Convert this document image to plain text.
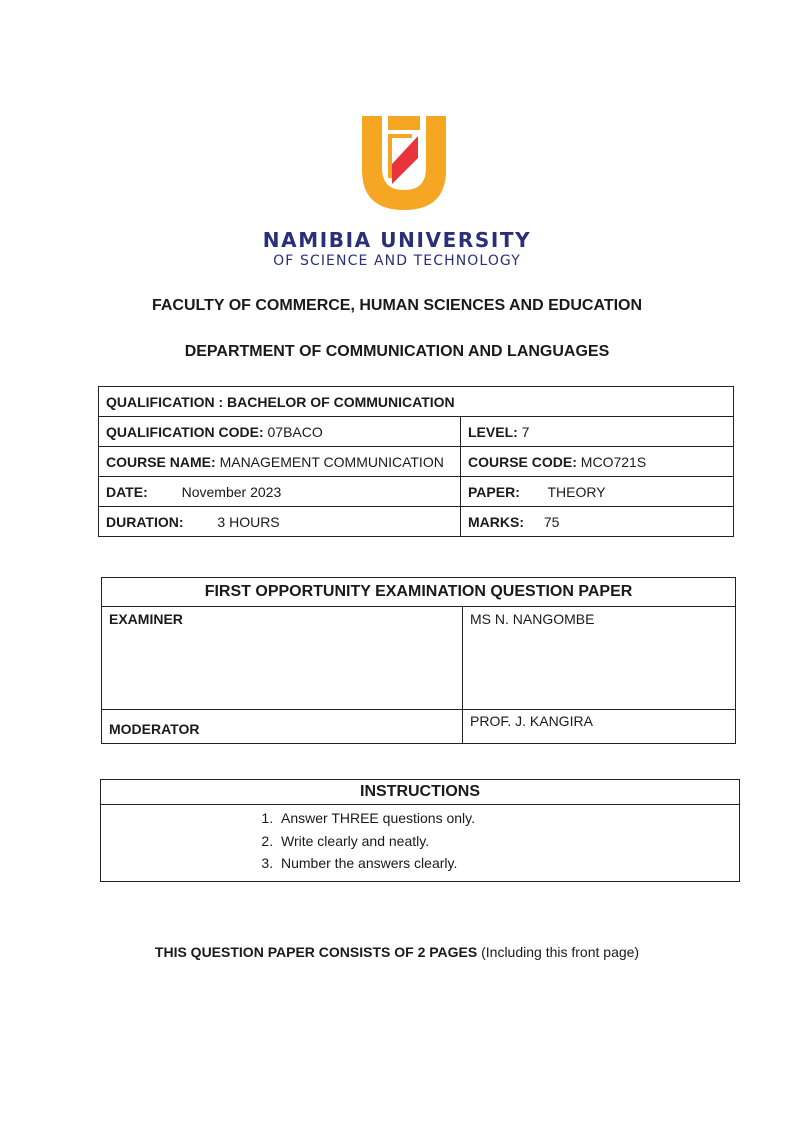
NAMIBIA UNIVERSITY
OF SCIENCE AND TECHNOLOGY
FACULTY OF COMMERCE, HUMAN SCIENCES AND EDUCATION
DEPARTMENT OF COMMUNICATION AND LANGUAGES
QUALIFICATION : BACHELOR OF COMMUNICATION	
QUALIFICATION CODE: 07BACO	LEVEL: 7
COURSE NAME: MANAGEMENT COMMUNICATION	COURSE CODE: MCO721S
DATE: November 2023	PAPER: THEORY
DURATION: 3 HOURS	MARKS: 75
FIRST OPPORTUNITY EXAMINATION QUESTION PAPER	
EXAMINER	MS N. NANGOMBE
MODERATOR	PROF. J. KANGIRA
INSTRUCTIONS

1. Answer THREE questions only.
2. Write clearly and neatly.
3. Number the answers clearly.
THIS QUESTION PAPER CONSISTS OF 2 PAGES (Including this front page)
